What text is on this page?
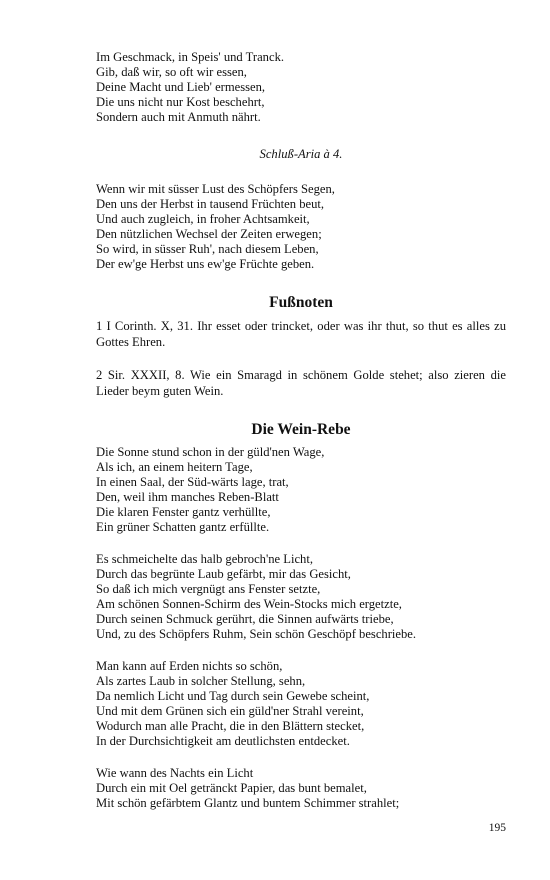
Im Geschmack, in Speis' und Tranck.
Gib, daß wir, so oft wir essen,
Deine Macht und Lieb' ermessen,
Die uns nicht nur Kost beschehrt,
Sondern auch mit Anmuth nährt.
Schluß-Aria à 4.
Wenn wir mit süsser Lust des Schöpfers Segen,
Den uns der Herbst in tausend Früchten beut,
Und auch zugleich, in froher Achtsamkeit,
Den nützlichen Wechsel der Zeiten erwegen;
So wird, in süsser Ruh', nach diesem Leben,
Der ew'ge Herbst uns ew'ge Früchte geben.
Fußnoten

1 I Corinth. X, 31. Ihr esset oder trincket, oder was ihr thut, so thut es alles zu Gottes Ehren.

2 Sir. XXXII, 8. Wie ein Smaragd in schönem Golde stehet; also zieren die Lieder beym guten Wein.

Die Wein-Rebe
Die Sonne stund schon in der güld'nen Wage,
Als ich, an einem heitern Tage,
In einen Saal, der Süd-wärts lage, trat,
Den, weil ihm manches Reben-Blatt
Die klaren Fenster gantz verhüllte,
Ein grüner Schatten gantz erfüllte.
Es schmeichelte das halb gebroch'ne Licht,
Durch das begrünte Laub gefärbt, mir das Gesicht,
So daß ich mich vergnügt ans Fenster setzte,
Am schönen Sonnen-Schirm des Wein-Stocks mich ergetzte,
Durch seinen Schmuck gerührt, die Sinnen aufwärts triebe,
Und, zu des Schöpfers Ruhm, Sein schön Geschöpf beschriebe.
Man kann auf Erden nichts so schön,
Als zartes Laub in solcher Stellung, sehn,
Da nemlich Licht und Tag durch sein Gewebe scheint,
Und mit dem Grünen sich ein güld'ner Strahl vereint,
Wodurch man alle Pracht, die in den Blättern stecket,
In der Durchsichtigkeit am deutlichsten entdecket.
Wie wann des Nachts ein Licht
Durch ein mit Oel getränckt Papier, das bunt bemalet,
Mit schön gefärbtem Glantz und buntem Schimmer strahlet;
195
